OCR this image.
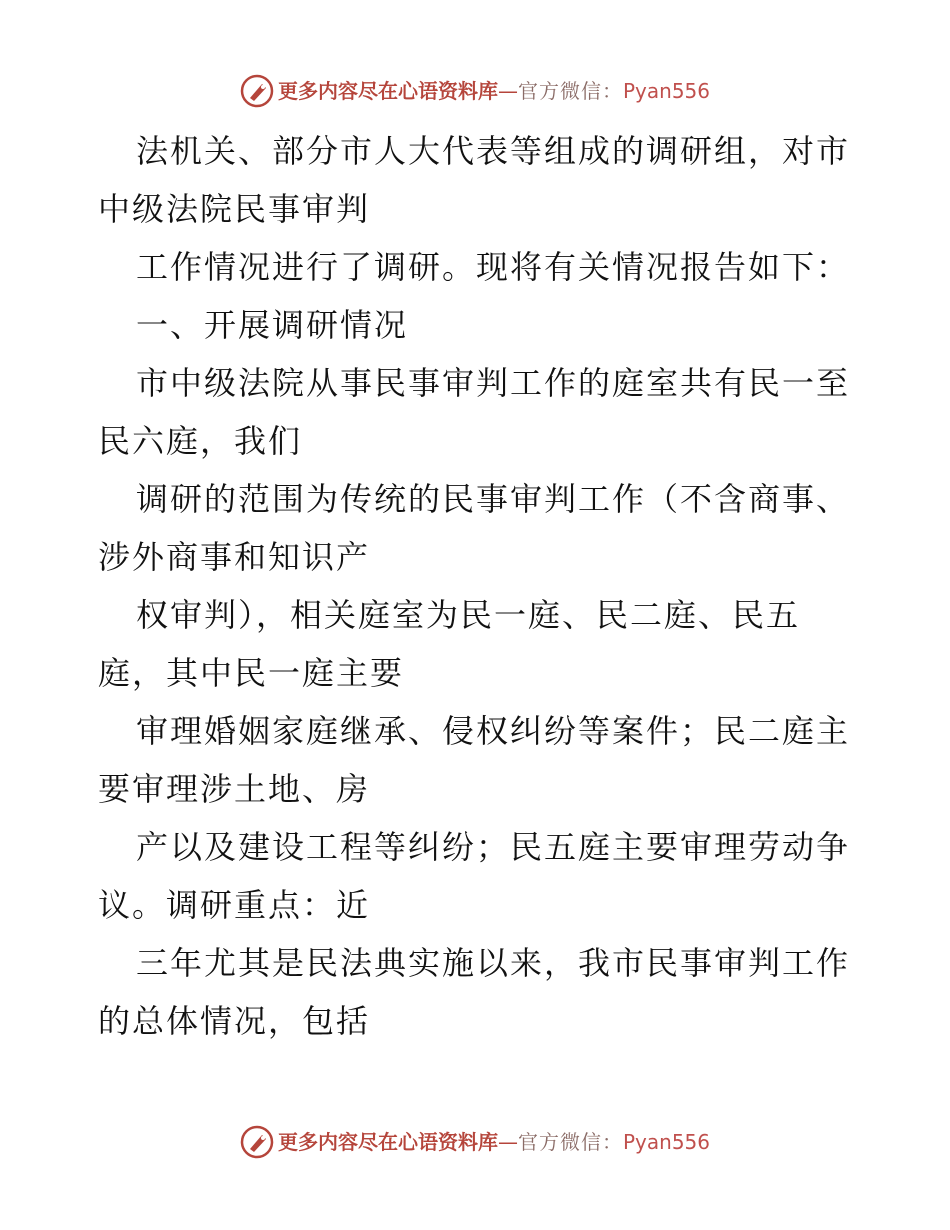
更多内容尽在心语资料库 — 官方微信： Pyan556
法机关、部分市人大代表等组成的调研组，对市
中级法院民事审判
工作情况进行了调研。现将有关情况报告如下：
一、开展调研情况
市中级法院从事民事审判工作的庭室共有民一至
民六庭，我们
调研的范围为传统的民事审判工作（不含商事、
涉外商事和知识产
权审判），相关庭室为民一庭、民二庭、民五
庭，其中民一庭主要
审理婚姻家庭继承、侵权纠纷等案件；民二庭主
要审理涉土地、房
产以及建设工程等纠纷；民五庭主要审理劳动争
议。调研重点：近
三年尤其是民法典实施以来，我市民事审判工作
的总体情况，包括
更多内容尽在心语资料库 — 官方微信： Pyan556
